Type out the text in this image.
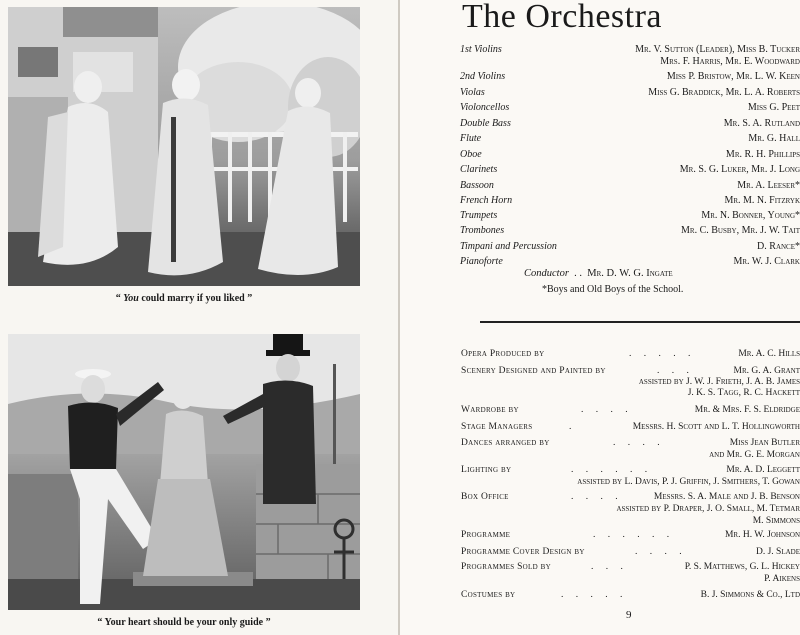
“ You could marry if you liked ”
“ Your heart should be your only guide ”
The Orchestra
1st Violins	Mr. V. Sutton (Leader), Miss B. Tucker
Mrs. F. Harris, Mr. E. Woodward
2nd Violins	Miss P. Bristow, Mr. L. W. Keen
Violas	Miss G. Braddick, Mr. L. A. Roberts
Violoncellos	Miss G. Peet
Double Bass	Mr. S. A. Rutland
Flute	Mr. G. Hall
Oboe	Mr. R. H. Phillips
Clarinets	Mr. S. G. Luker, Mr. J. Long
Bassoon	Mr. A. Leeser*
French Horn	Mr. M. N. Fitzryk
Trumpets	Mr. N. Bonner, Young*
Trombones	Mr. C. Busby, Mr. J. W. Tait
Timpani and Percussion	D. Rance*
Pianoforte	Mr. W. J. Clark
Conductor . . Mr. D. W. G. Ingate
*Boys and Old Boys of the School.
Opera Produced by	. . . . .	Mr. A. C. Hills
Scenery Designed and Painted by	. . .	Mr. G. A. Grant
assisted by J. W. J. Frieth, J. A. B. James
J. K. S. Tagg, R. C. Hackett
Wardrobe by	. . . .	Mr. & Mrs. F. S. Eldridge
Stage Managers	.	Messrs. H. Scott and L. T. Hollingworth
Dances arranged by	. . . .	Miss Jean Butler
and Mr. G. E. Morgan
Lighting by	. . . . . .	Mr. A. D. Leggett
assisted by L. Davis, P. J. Griffin, J. Smithers, T. Gowan
Box Office	. . . .	Messrs. S. A. Male and J. B. Benson
assisted by P. Draper, J. O. Small, M. Tetmar
M. Simmons
Programme	. . . . . .	Mr. H. W. Johnson
Programme Cover Design by	. . . .	D. J. Slade
Programmes Sold by	. . .	P. S. Matthews, G. L. Hickey
P. Aikens
Costumes by	. . . . .	B. J. Simmons & Co., Ltd
9
